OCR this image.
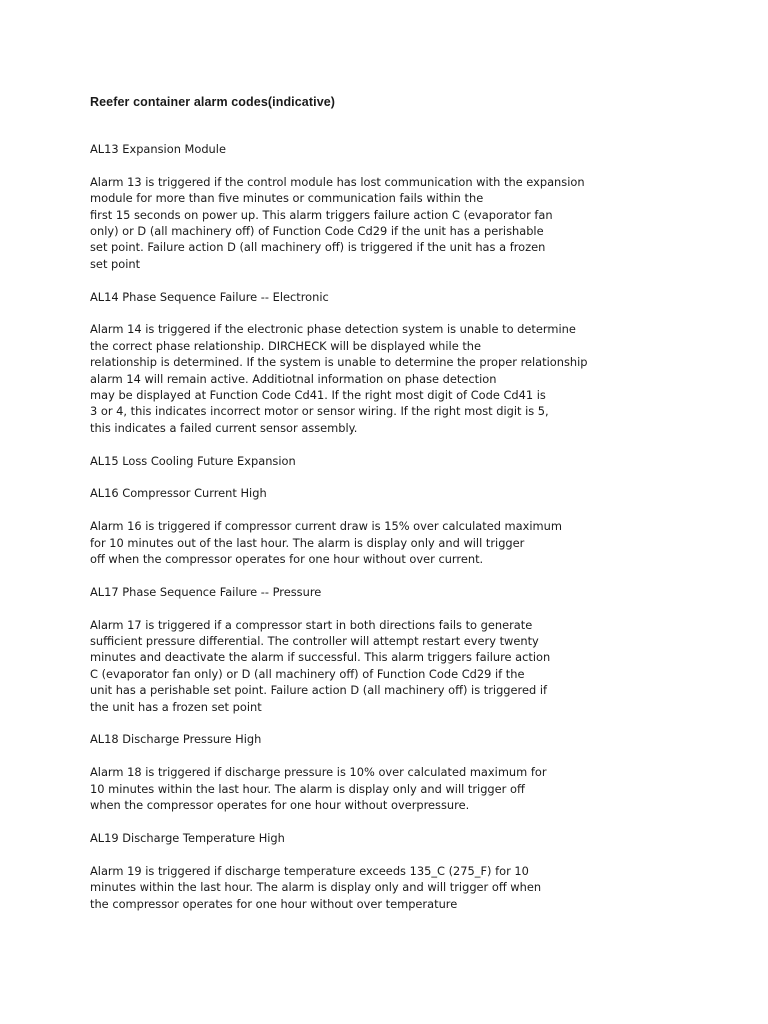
Reefer container alarm codes(indicative)
AL13 Expansion Module
Alarm 13 is triggered if the control module has lost communication with the expansion
module for more than five minutes or communication fails within the
first 15 seconds on power up. This alarm triggers failure action C (evaporator fan
only) or D (all machinery off) of Function Code Cd29 if the unit has a perishable
set point. Failure action D (all machinery off) is triggered if the unit has a frozen
set point
AL14 Phase Sequence Failure -- Electronic
Alarm 14 is triggered if the electronic phase detection system is unable to determine
the correct phase relationship. DIRCHECK will be displayed while the
relationship is determined. If the system is unable to determine the proper relationship
alarm 14 will remain active. Additiotnal information on phase detection
may be displayed at Function Code Cd41. If the right most digit of Code Cd41 is
3 or 4, this indicates incorrect motor or sensor wiring. If the right most digit is 5,
this indicates a failed current sensor assembly.
AL15 Loss Cooling Future Expansion
AL16 Compressor Current High
Alarm 16 is triggered if compressor current draw is 15% over calculated maximum
for 10 minutes out of the last hour. The alarm is display only and will trigger
off when the compressor operates for one hour without over current.
AL17 Phase Sequence Failure -- Pressure
Alarm 17 is triggered if a compressor start in both directions fails to generate
sufficient pressure differential. The controller will attempt restart every twenty
minutes and deactivate the alarm if successful. This alarm triggers failure action
C (evaporator fan only) or D (all machinery off) of Function Code Cd29 if the
unit has a perishable set point. Failure action D (all machinery off) is triggered if
the unit has a frozen set point
AL18 Discharge Pressure High
Alarm 18 is triggered if discharge pressure is 10% over calculated maximum for
10 minutes within the last hour. The alarm is display only and will trigger off
when the compressor operates for one hour without overpressure.
AL19 Discharge Temperature High
Alarm 19 is triggered if discharge temperature exceeds 135_C (275_F) for 10
minutes within the last hour. The alarm is display only and will trigger off when
the compressor operates for one hour without over temperature
